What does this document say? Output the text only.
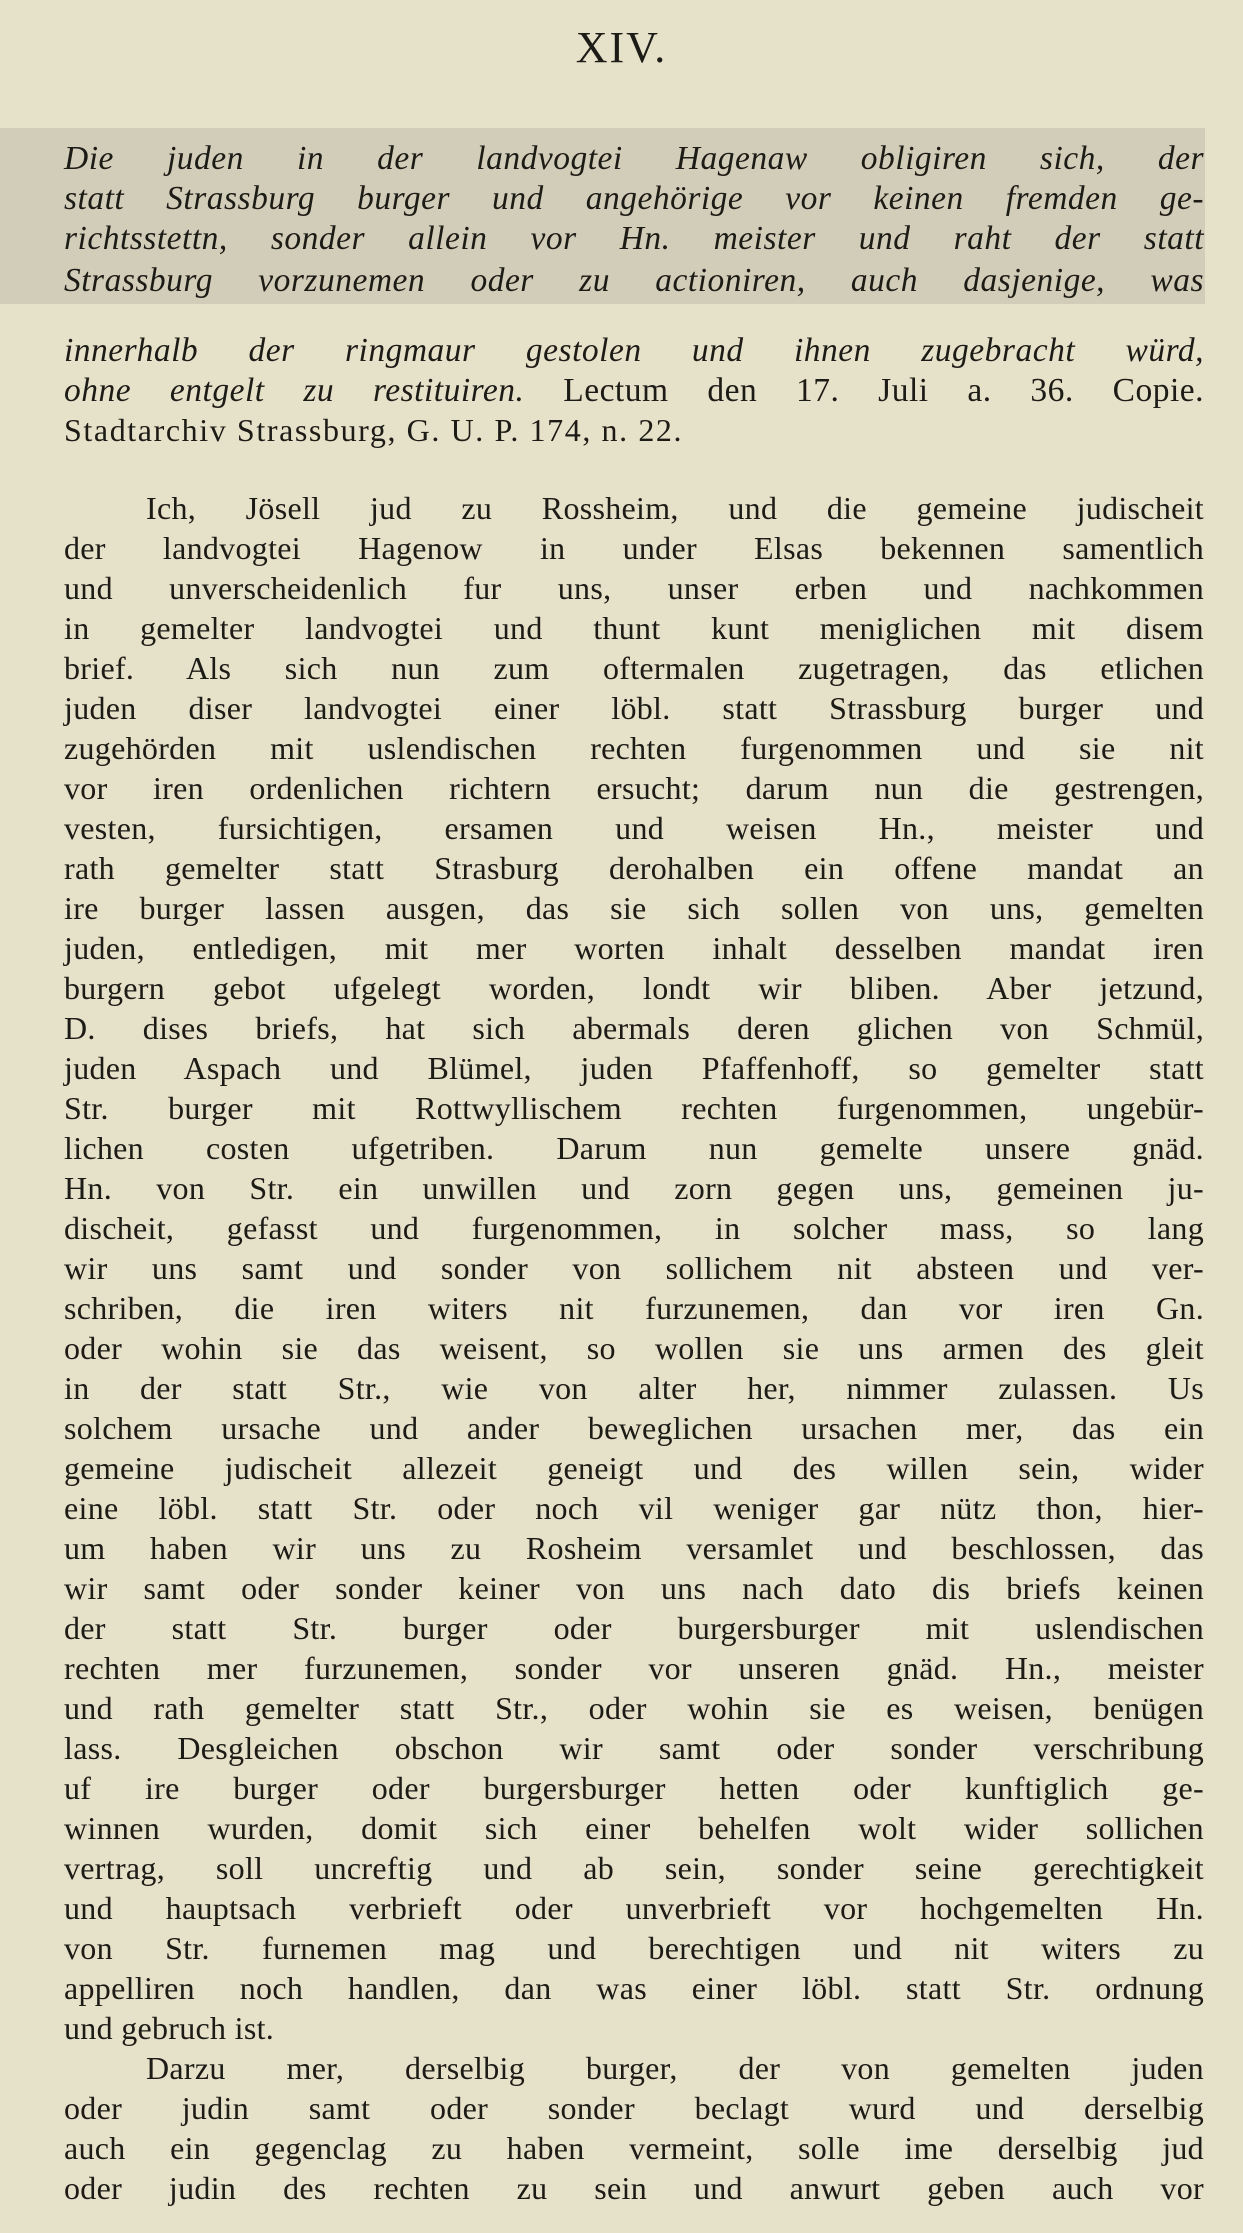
XIV.
Die juden in der landvogtei Hagenaw obligiren sich, der
statt Strassburg burger und angehörige vor keinen fremden ge-
richtsstettn, sonder allein vor Hn. meister und raht der statt
Strassburg vorzunemen oder zu actioniren, auch dasjenige, was
innerhalb der ringmaur gestolen und ihnen zugebracht würd,
ohne entgelt zu restituiren. Lectum den 17. Juli a. 36. Copie.
Stadtarchiv Strassburg, G. U. P. 174, n. 22.
Ich, Jösell jud zu Rossheim, und die gemeine judischeit
der landvogtei Hagenow in under Elsas bekennen samentlich
und unverscheidenlich fur uns, unser erben und nachkommen
in gemelter landvogtei und thunt kunt meniglichen mit disem
brief. Als sich nun zum oftermalen zugetragen, das etlichen
juden diser landvogtei einer löbl. statt Strassburg burger und
zugehörden mit uslendischen rechten furgenommen und sie nit
vor iren ordenlichen richtern ersucht; darum nun die gestrengen,
vesten, fursichtigen, ersamen und weisen Hn., meister und
rath gemelter statt Strasburg derohalben ein offene mandat an
ire burger lassen ausgen, das sie sich sollen von uns, gemelten
juden, entledigen, mit mer worten inhalt desselben mandat iren
burgern gebot ufgelegt worden, londt wir bliben. Aber jetzund,
D. dises briefs, hat sich abermals deren glichen von Schmül,
juden Aspach und Blümel, juden Pfaffenhoff, so gemelter statt
Str. burger mit Rottwyllischem rechten furgenommen, ungebür-
lichen costen ufgetriben. Darum nun gemelte unsere gnäd.
Hn. von Str. ein unwillen und zorn gegen uns, gemeinen ju-
discheit, gefasst und furgenommen, in solcher mass, so lang
wir uns samt und sonder von sollichem nit absteen und ver-
schriben, die iren witers nit furzunemen, dan vor iren Gn.
oder wohin sie das weisent, so wollen sie uns armen des gleit
in der statt Str., wie von alter her, nimmer zulassen. Us
solchem ursache und ander beweglichen ursachen mer, das ein
gemeine judischeit allezeit geneigt und des willen sein, wider
eine löbl. statt Str. oder noch vil weniger gar nütz thon, hier-
um haben wir uns zu Rosheim versamlet und beschlossen, das
wir samt oder sonder keiner von uns nach dato dis briefs keinen
der statt Str. burger oder burgersburger mit uslendischen
rechten mer furzunemen, sonder vor unseren gnäd. Hn., meister
und rath gemelter statt Str., oder wohin sie es weisen, benügen
lass. Desgleichen obschon wir samt oder sonder verschribung
uf ire burger oder burgersburger hetten oder kunftiglich ge-
winnen wurden, domit sich einer behelfen wolt wider sollichen
vertrag, soll uncreftig und ab sein, sonder seine gerechtigkeit
und hauptsach verbrieft oder unverbrieft vor hochgemelten Hn.
von Str. furnemen mag und berechtigen und nit witers zu
appelliren noch handlen, dan was einer löbl. statt Str. ordnung
und gebruch ist.
Darzu mer, derselbig burger, der von gemelten juden
oder judin samt oder sonder beclagt wurd und derselbig
auch ein gegenclag zu haben vermeint, solle ime derselbig jud
oder judin des rechten zu sein und anwurt geben auch vor
